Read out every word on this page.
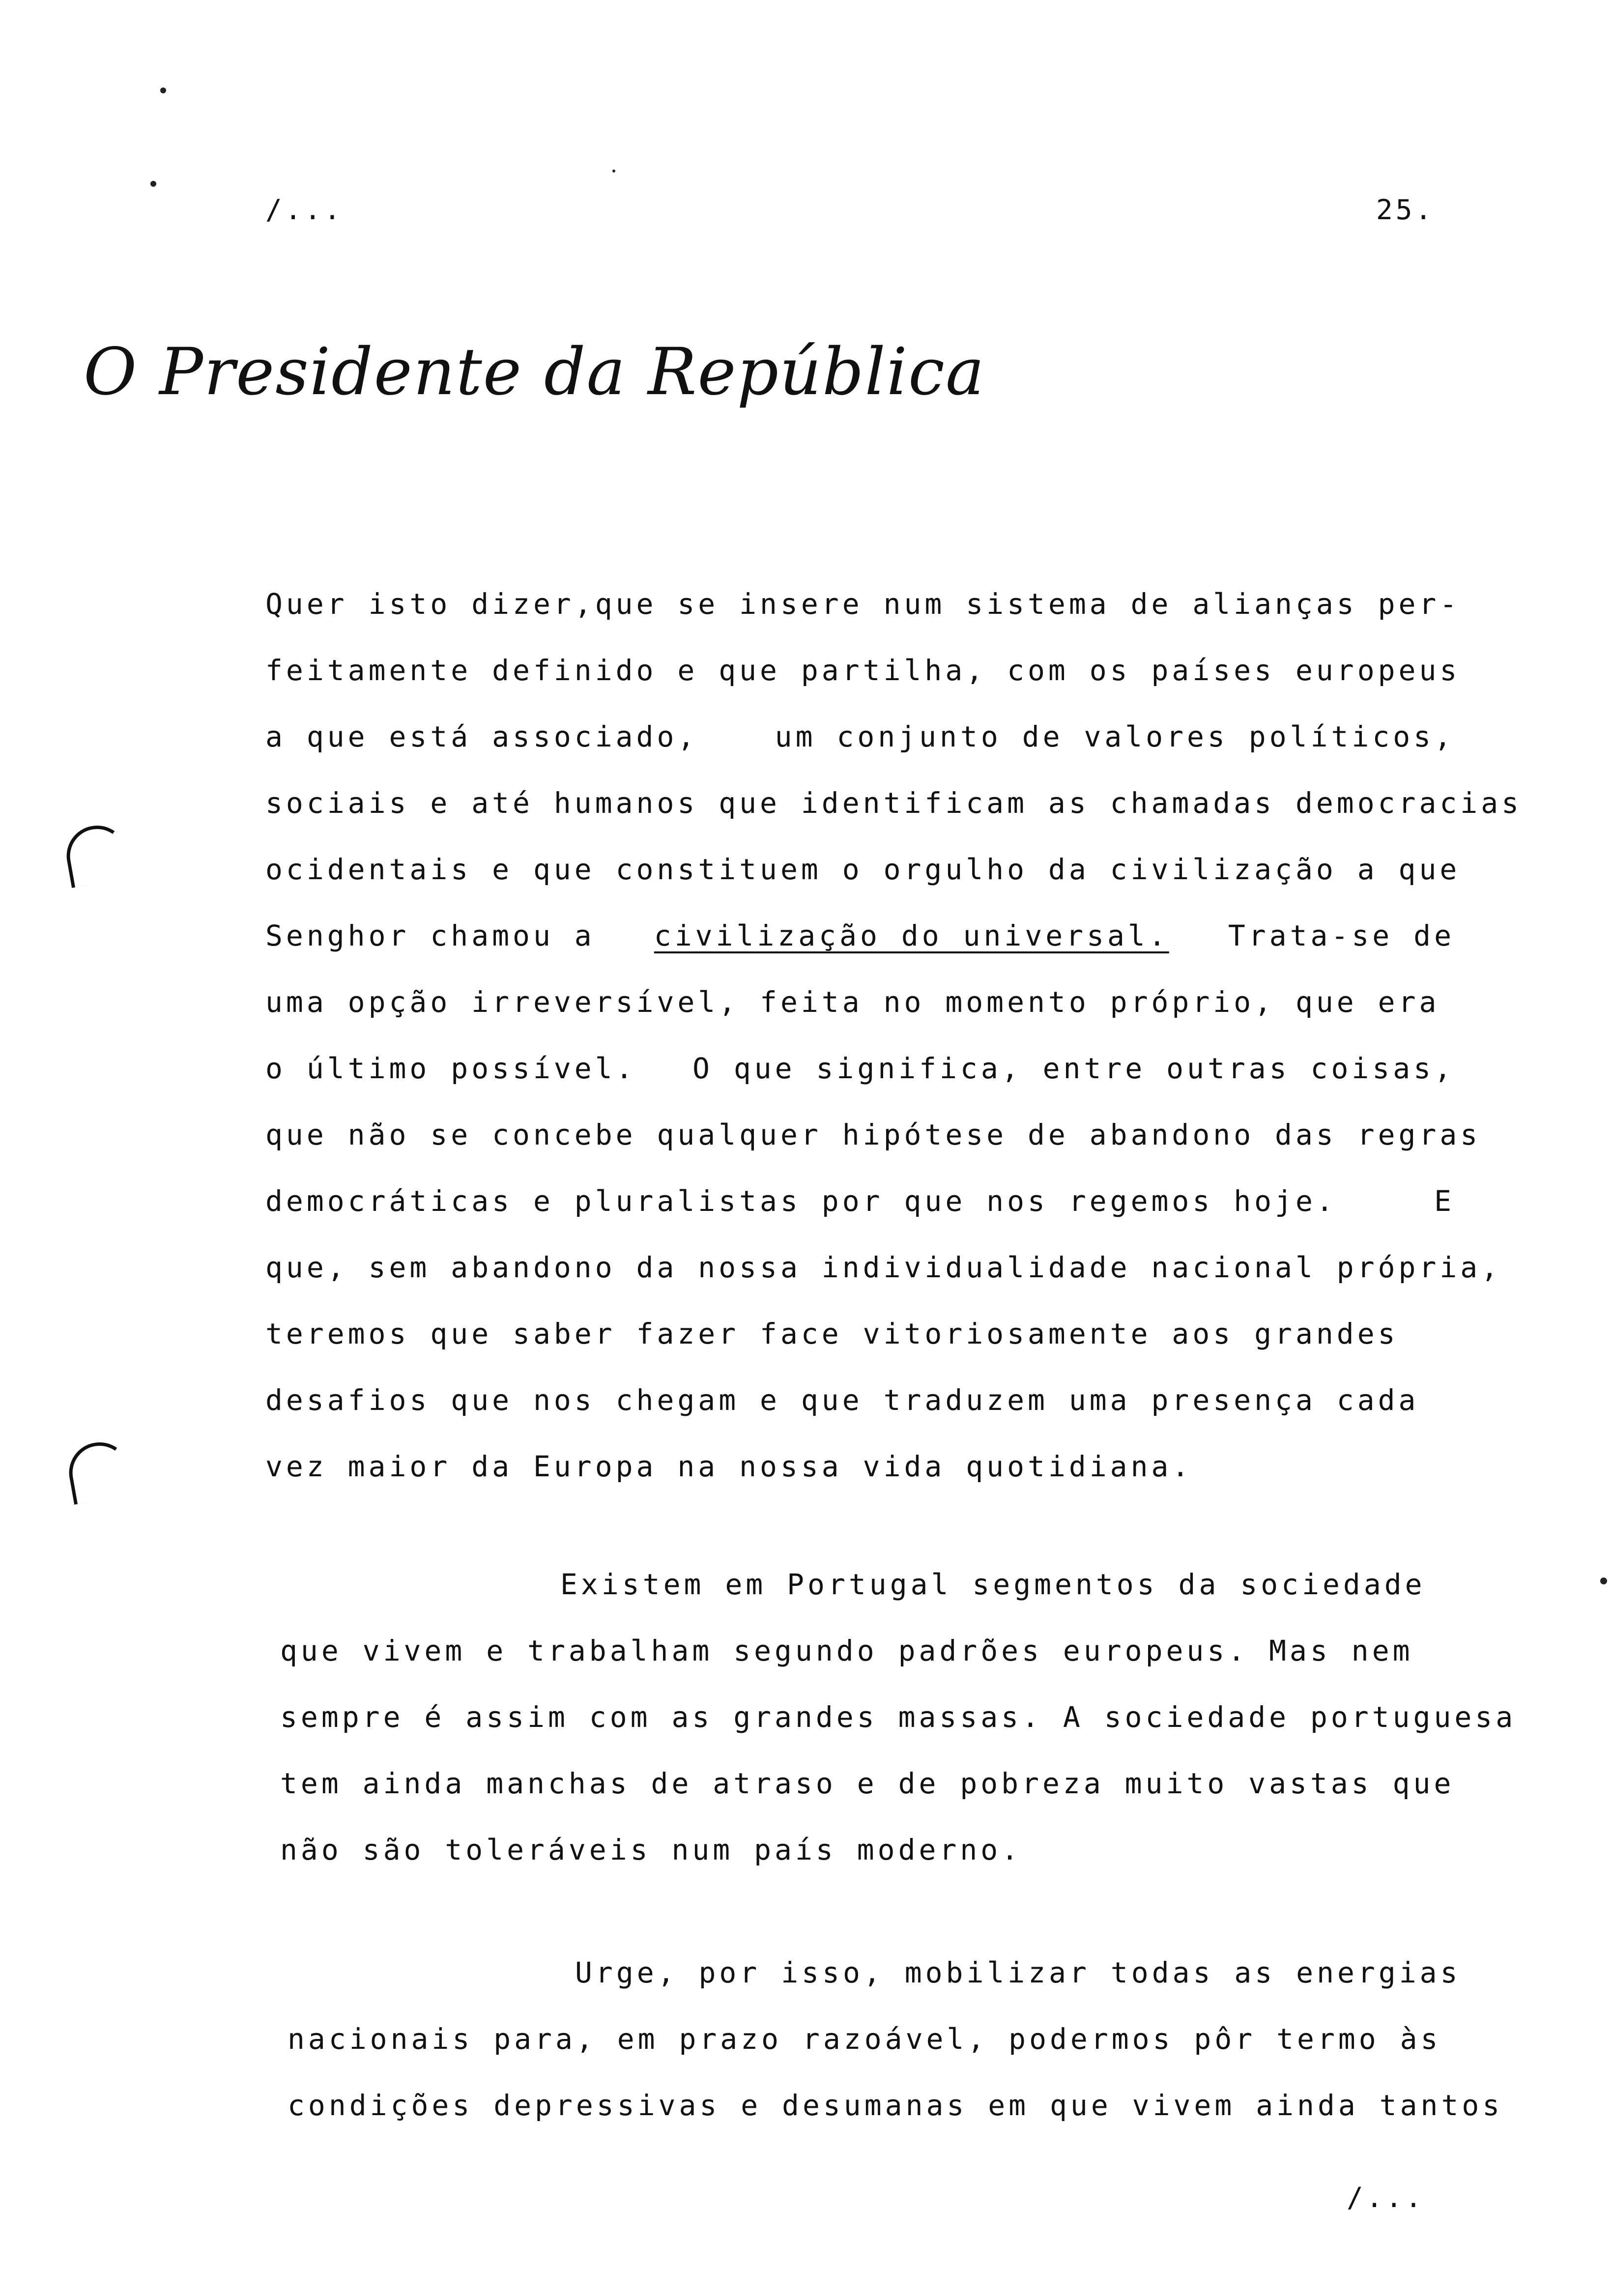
/...	25.
O Presidente da República
Quer isto dizer, que se insere num sistema de alianças per-
feitamente definido e que partilha, com os países europeus
a que está associado,	um conjunto de valores políticos,
sociais e até humanos que identificam as chamadas democracias
ocidentais e que constituem o orgulho da civilização a que
Senghor chamou a civilização do universal. Trata-se de
uma opção irreversível, feita no momento próprio, que era
o último possível. O que significa, entre outras coisas,
que não se concebe qualquer hipótese de abandono das regras
democráticas e pluralistas por que nos regemos hoje.	E
que, sem abandono da nossa individualidade nacional própria,
teremos que saber fazer face vitoriosamente aos grandes
desafios que nos chegam e que traduzem uma presença cada
vez maior da Europa na nossa vida quotidiana.
Existem em Portugal segmentos da sociedade
que vivem e trabalham segundo padrões europeus. Mas nem
sempre é assim com as grandes massas. A sociedade portuguesa
tem ainda manchas de atraso e de pobreza muito vastas que
não são toleráveis num país moderno.
Urge, por isso, mobilizar todas as energias
nacionais para, em prazo razoável, podermos pôr termo às
condições depressivas e desumanas em que vivem ainda tantos
/...
